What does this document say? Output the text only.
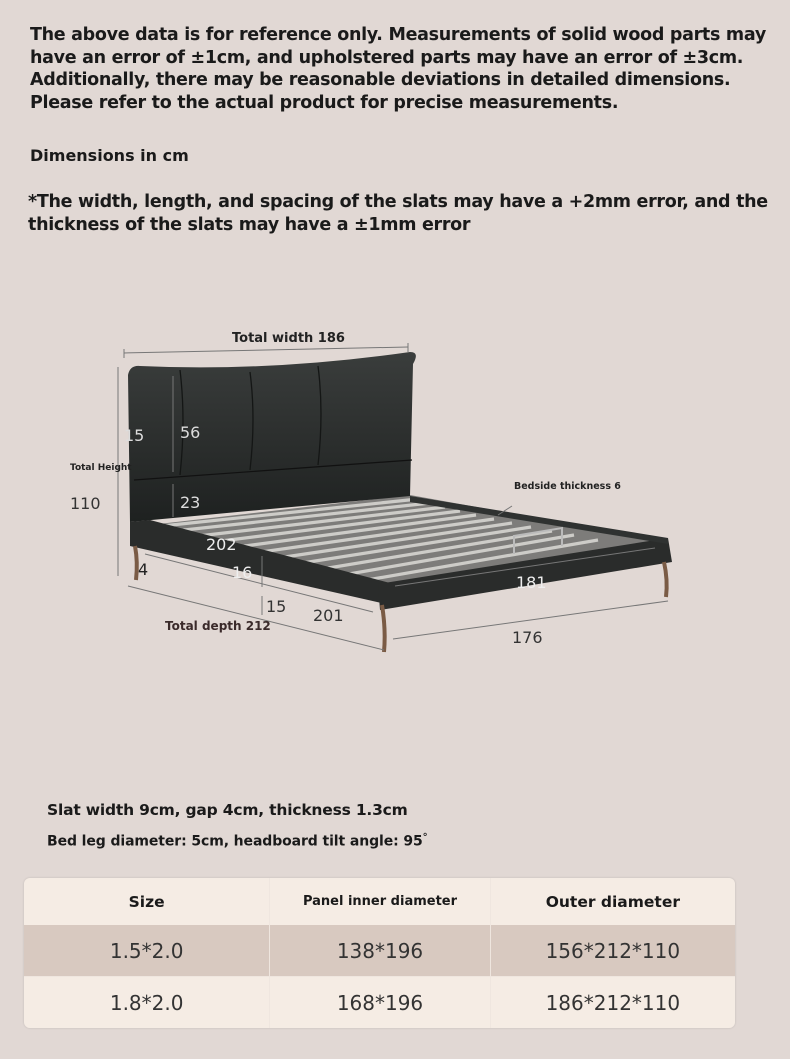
The above data is for reference only. Measurements of solid wood parts may have an error of ±1cm, and upholstered parts may have an error of ±3cm. Additionally, there may be reasonable deviations in detailed dimensions. Please refer to the actual product for precise measurements.

Dimensions in cm
*The width, length, and spacing of the slats may have a +2mm error, and the thickness of the slats may have a ±1mm error
Total width 186
Total Height
110
Bedside thickness 6
Total depth 212
15 56
23
202
16
4
15 201
181
176
Slat width 9cm, gap 4cm, thickness 1.3cm
Bed leg diameter: 5cm, headboard tilt angle: 95°
Size	Panel inner diameter	Outer diameter
1.5*2.0	138*196	156*212*110
1.8*2.0	168*196	186*212*110
